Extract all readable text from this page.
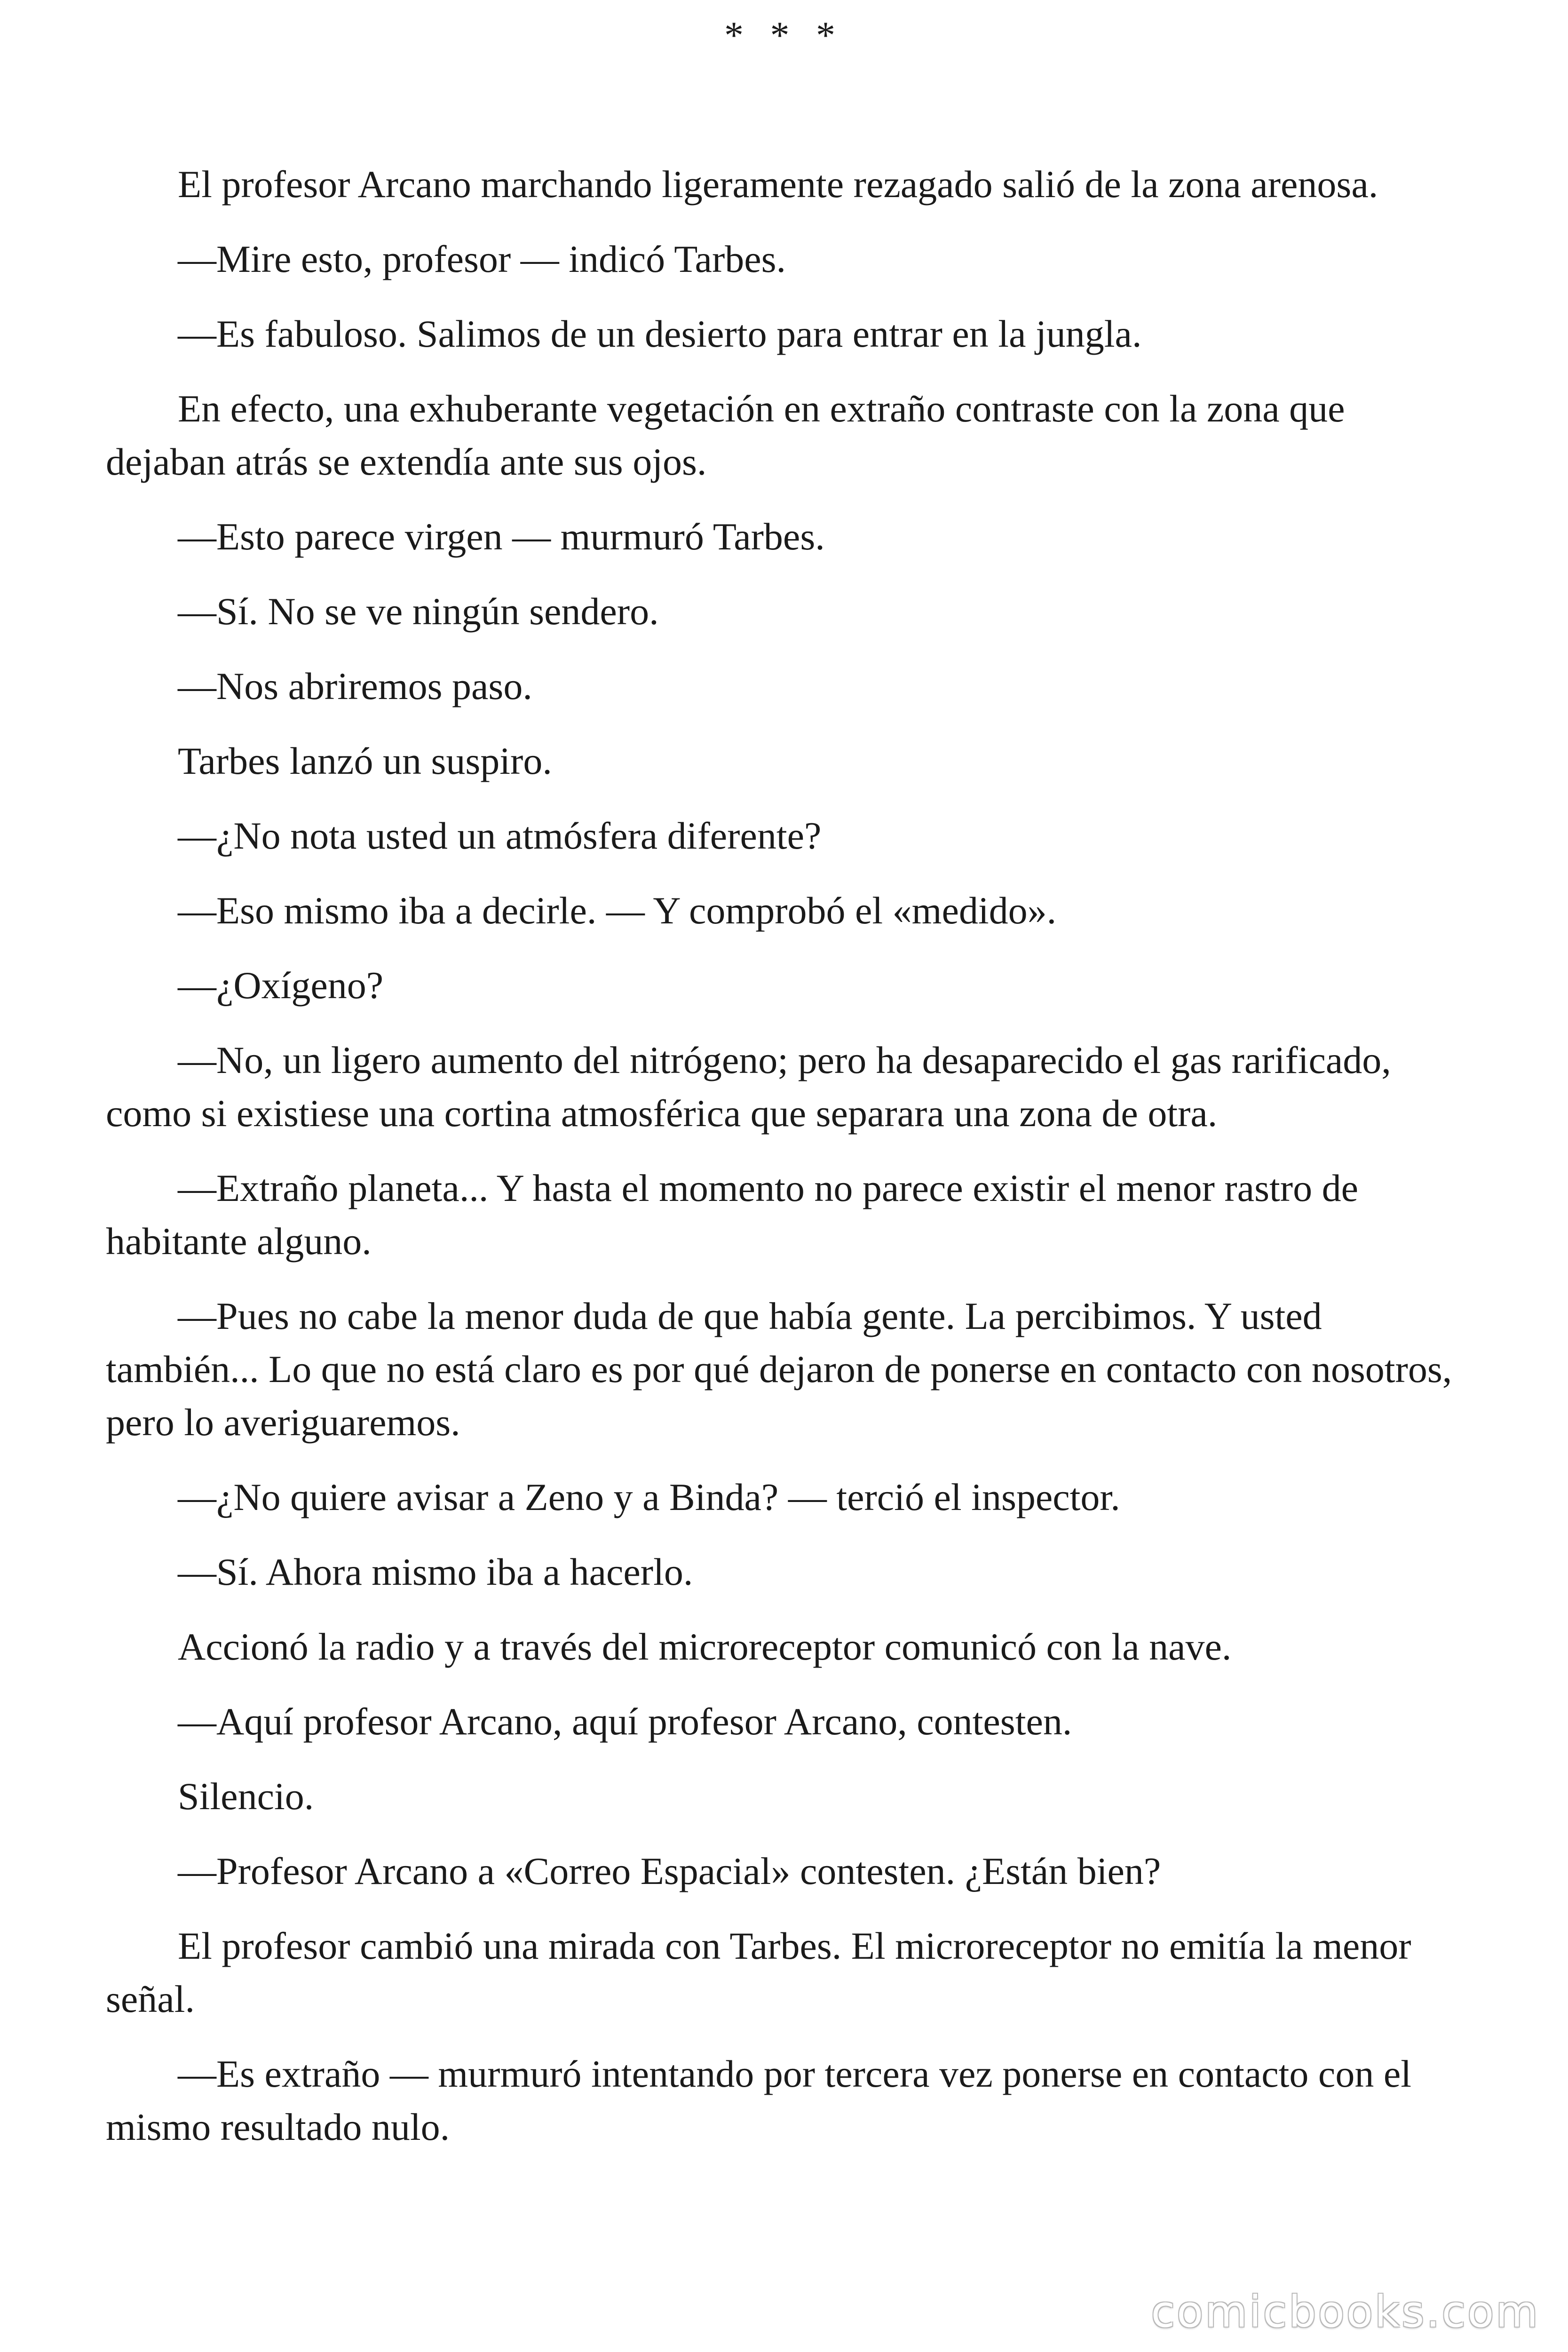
* * *

El profesor Arcano marchando ligeramente rezagado salió de la zona arenosa.

—Mire esto, profesor — indicó Tarbes.

—Es fabuloso. Salimos de un desierto para entrar en la jungla.

En efecto, una exhuberante vegetación en extraño contraste con la zona que dejaban atrás se extendía ante sus ojos.

—Esto parece virgen — murmuró Tarbes.

—Sí. No se ve ningún sendero.

—Nos abriremos paso.

Tarbes lanzó un suspiro.

—¿No nota usted un atmósfera diferente?

—Eso mismo iba a decirle. — Y comprobó el «medido».

—¿Oxígeno?

—No, un ligero aumento del nitrógeno; pero ha desaparecido el gas rarificado, como si existiese una cortina atmosférica que separara una zona de otra.

—Extraño planeta... Y hasta el momento no parece existir el menor rastro de habitante alguno.

—Pues no cabe la menor duda de que había gente. La percibimos. Y usted también... Lo que no está claro es por qué dejaron de ponerse en contacto con nosotros, pero lo averiguaremos.

—¿No quiere avisar a Zeno y a Binda? — terció el inspector.

—Sí. Ahora mismo iba a hacerlo.

Accionó la radio y a través del microreceptor comunicó con la nave.

—Aquí profesor Arcano, aquí profesor Arcano, contesten.

Silencio.

—Profesor Arcano a «Correo Espacial» contesten. ¿Están bien?

El profesor cambió una mirada con Tarbes. El microreceptor no emitía la menor señal.

—Es extraño — murmuró intentando por tercera vez ponerse en contacto con el mismo resultado nulo.

comicbooks.com
